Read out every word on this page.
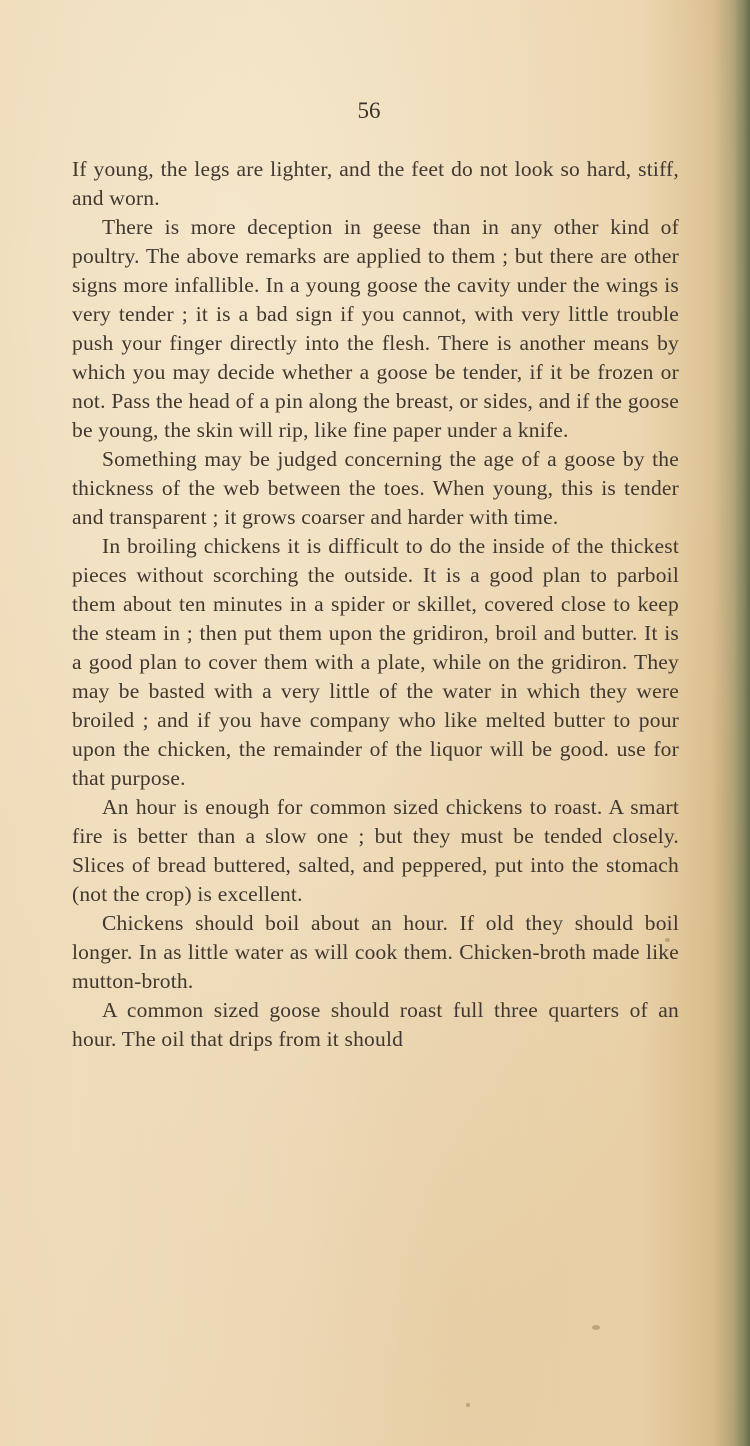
56

If young, the legs are lighter, and the feet do not look so hard, stiff, and worn.

There is more deception in geese than in any other kind of poultry. The above remarks are applied to them ; but there are other signs more infallible. In a young goose the cavity under the wings is very tender ; it is a bad sign if you cannot, with very little trouble push your finger directly into the flesh. There is another means by which you may decide whether a goose be tender, if it be frozen or not. Pass the head of a pin along the breast, or sides, and if the goose be young, the skin will rip, like fine paper under a knife.

Something may be judged concerning the age of a goose by the thickness of the web between the toes. When young, this is tender and transparent ; it grows coarser and harder with time.

In broiling chickens it is difficult to do the inside of the thickest pieces without scorching the outside. It is a good plan to parboil them about ten minutes in a spider or skillet, covered close to keep the steam in ; then put them upon the gridiron, broil and butter. It is a good plan to cover them with a plate, while on the gridiron. They may be basted with a very little of the water in which they were broiled ; and if you have company who like melted butter to pour upon the chicken, the remainder of the liquor will be good. use for that purpose.

An hour is enough for common sized chickens to roast. A smart fire is better than a slow one ; but they must be tended closely. Slices of bread buttered, salted, and peppered, put into the stomach (not the crop) is excellent.

Chickens should boil about an hour. If old they should boil longer. In as little water as will cook them. Chicken-broth made like mutton-broth.

A common sized goose should roast full three quarters of an hour. The oil that drips from it should
